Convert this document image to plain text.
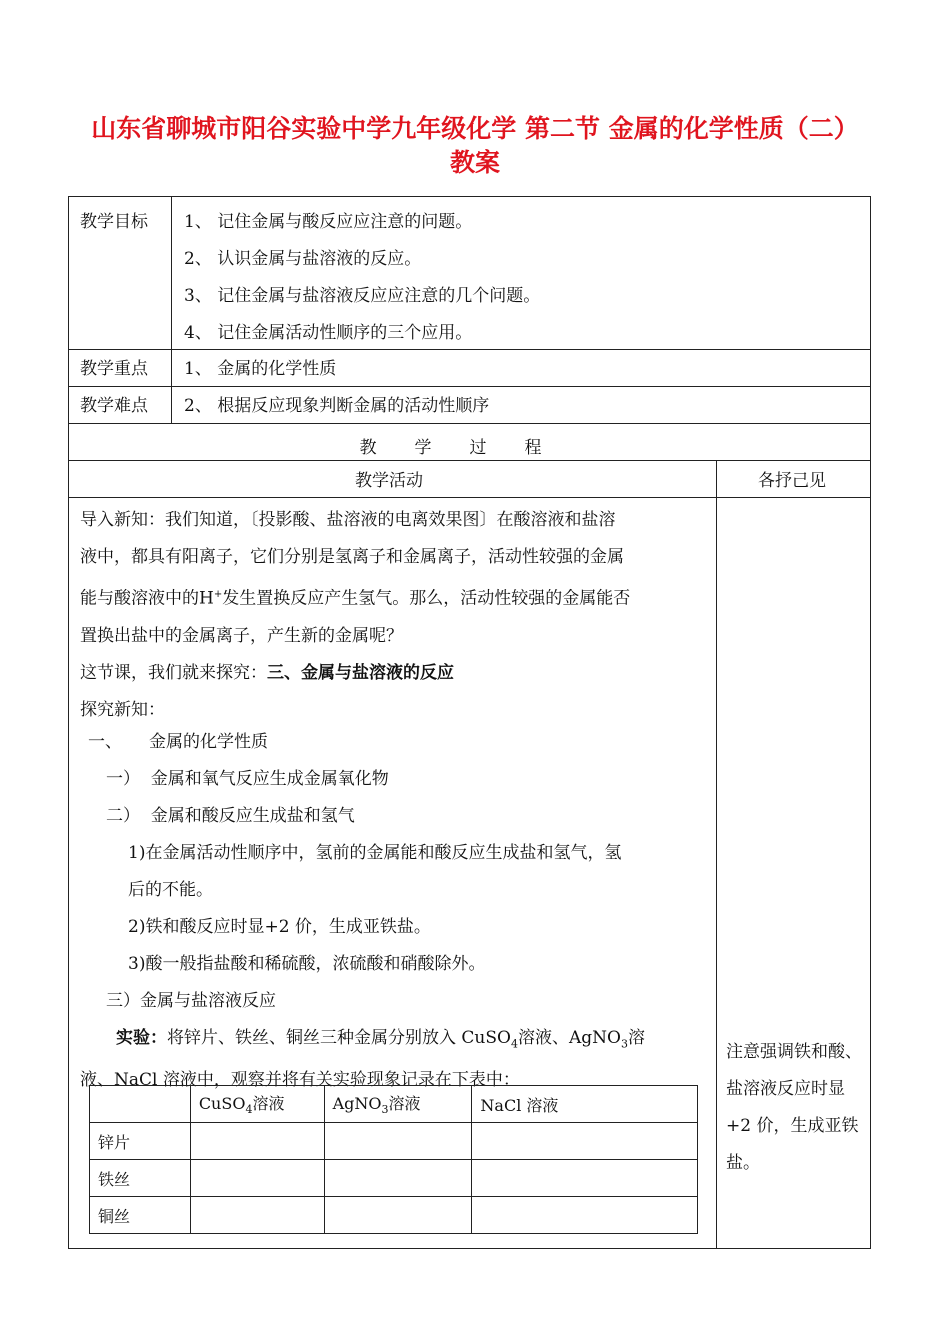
山东省聊城市阳谷实验中学九年级化学 第二节 金属的化学性质（二）
教案
教学目标 1、 记住金属与酸反应应注意的问题。
2、 认识金属与盐溶液的反应。
3、 记住金属与盐溶液反应应注意的几个问题。
4、 记住金属活动性顺序的三个应用。
教学重点 1、 金属的化学性质
教学难点 2、 根据反应现象判断金属的活动性顺序
教学过程
教学活动	各抒己见
导入新知：我们知道，〔投影酸、盐溶液的电离效果图〕在酸溶液和盐溶
液中，都具有阳离子，它们分别是氢离子和金属离子，活动性较强的金属
能与酸溶液中的H+发生置换反应产生氢气。那么，活动性较强的金属能否
置换出盐中的金属离子，产生新的金属呢？
这节课，我们就来探究：三、金属与盐溶液的反应
探究新知：
一、     金属的化学性质
一）  金属和氧气反应生成金属氧化物
二）  金属和酸反应生成盐和氢气
1)在金属活动性顺序中，氢前的金属能和酸反应生成盐和氢气，氢
后的不能。
2)铁和酸反应时显+2 价，生成亚铁盐。
3)酸一般指盐酸和稀硫酸，浓硫酸和硝酸除外。
三）金属与盐溶液反应
实验：将锌片、铁丝、铜丝三种金属分别放入 CuSO$_4$溶液、AgNO$_3$溶
液、NaCl 溶液中，观察并将有关实验现象记录在下表中：
	CuSO$_4$溶液	AgNO$_3$溶液	NaCl 溶液
锌片			
铁丝			
铜丝			
注意强调铁和酸、盐溶液反应时显+2 价，生成亚铁盐。
